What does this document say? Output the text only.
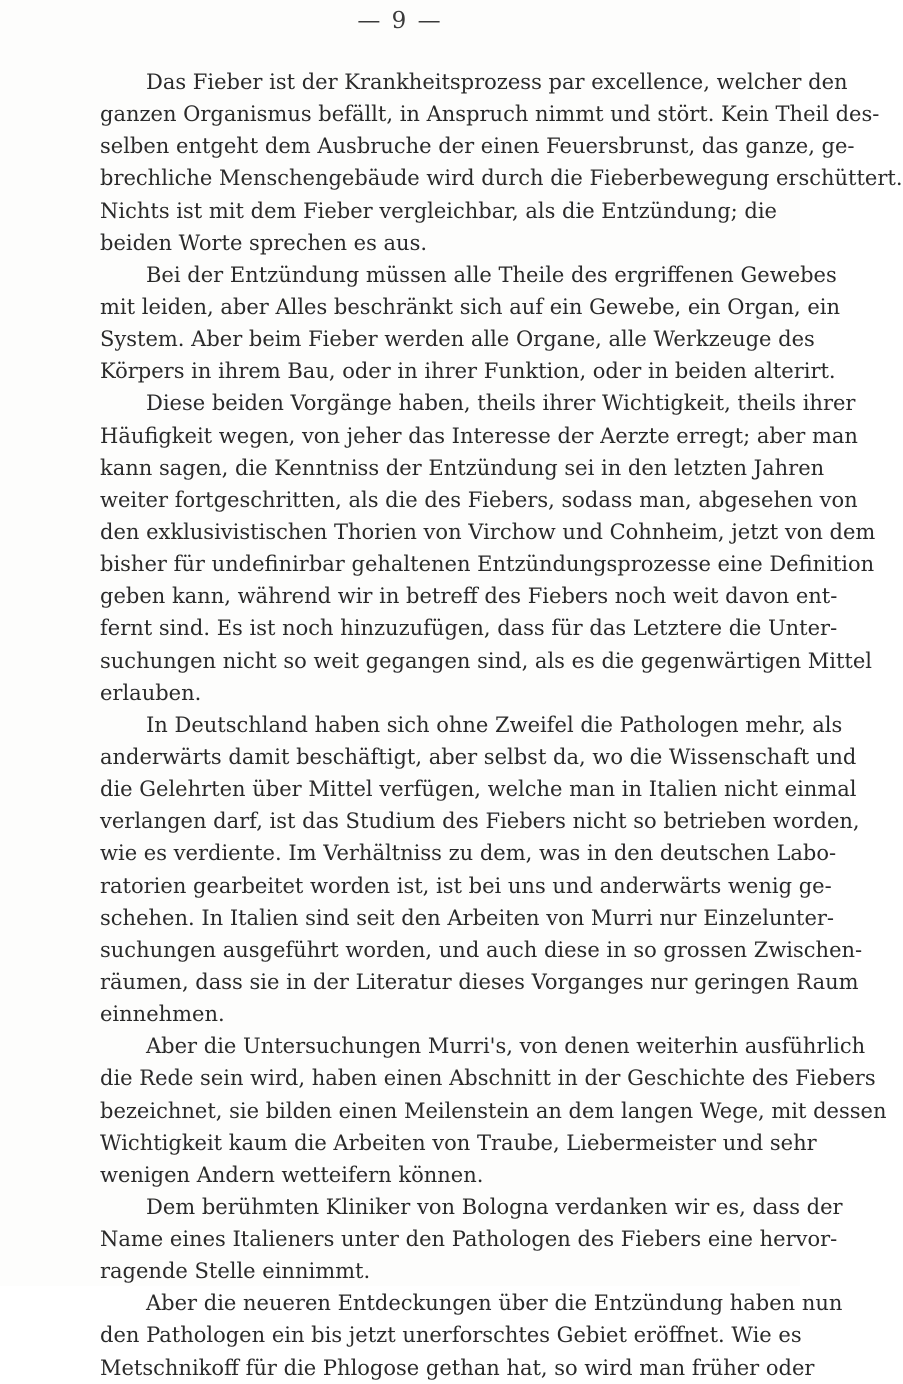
— 9 —
Das Fieber ist der Krankheitsprozess par excellence, welcher den
ganzen Organismus befällt, in Anspruch nimmt und stört. Kein Theil des-
selben entgeht dem Ausbruche der einen Feuersbrunst, das ganze, ge-
brechliche Menschengebäude wird durch die Fieberbewegung erschüttert.
Nichts ist mit dem Fieber vergleichbar, als die Entzündung; die
beiden Worte sprechen es aus.
Bei der Entzündung müssen alle Theile des ergriffenen Gewebes
mit leiden, aber Alles beschränkt sich auf ein Gewebe, ein Organ, ein
System. Aber beim Fieber werden alle Organe, alle Werkzeuge des
Körpers in ihrem Bau, oder in ihrer Funktion, oder in beiden alterirt.
Diese beiden Vorgänge haben, theils ihrer Wichtigkeit, theils ihrer
Häufigkeit wegen, von jeher das Interesse der Aerzte erregt; aber man
kann sagen, die Kenntniss der Entzündung sei in den letzten Jahren
weiter fortgeschritten, als die des Fiebers, sodass man, abgesehen von
den exklusivistischen Thorien von Virchow und Cohnheim, jetzt von dem
bisher für undefinirbar gehaltenen Entzündungsprozesse eine Definition
geben kann, während wir in betreff des Fiebers noch weit davon ent-
fernt sind. Es ist noch hinzuzufügen, dass für das Letztere die Unter-
suchungen nicht so weit gegangen sind, als es die gegenwärtigen Mittel
erlauben.
In Deutschland haben sich ohne Zweifel die Pathologen mehr, als
anderwärts damit beschäftigt, aber selbst da, wo die Wissenschaft und
die Gelehrten über Mittel verfügen, welche man in Italien nicht einmal
verlangen darf, ist das Studium des Fiebers nicht so betrieben worden,
wie es verdiente. Im Verhältniss zu dem, was in den deutschen Labo-
ratorien gearbeitet worden ist, ist bei uns und anderwärts wenig ge-
schehen. In Italien sind seit den Arbeiten von Murri nur Einzelunter-
suchungen ausgeführt worden, und auch diese in so grossen Zwischen-
räumen, dass sie in der Literatur dieses Vorganges nur geringen Raum
einnehmen.
Aber die Untersuchungen Murri's, von denen weiterhin ausführlich
die Rede sein wird, haben einen Abschnitt in der Geschichte des Fiebers
bezeichnet, sie bilden einen Meilenstein an dem langen Wege, mit dessen
Wichtigkeit kaum die Arbeiten von Traube, Liebermeister und sehr
wenigen Andern wetteifern können.
Dem berühmten Kliniker von Bologna verdanken wir es, dass der
Name eines Italieners unter den Pathologen des Fiebers eine hervor-
ragende Stelle einnimmt.
Aber die neueren Entdeckungen über die Entzündung haben nun
den Pathologen ein bis jetzt unerforschtes Gebiet eröffnet. Wie es
Metschnikoff für die Phlogose gethan hat, so wird man früher oder
